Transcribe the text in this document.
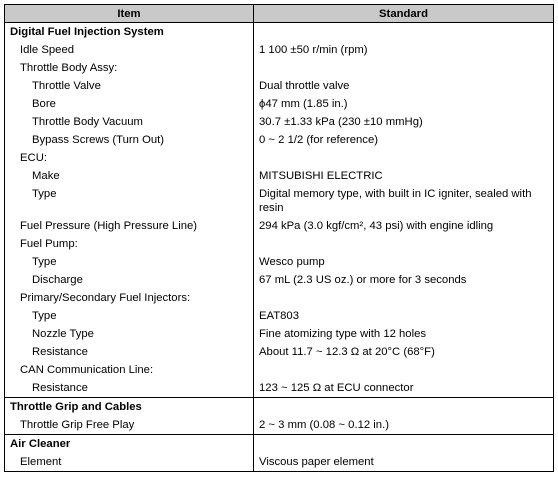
Item	Standard
Digital Fuel Injection System	
Idle Speed	1 100 ±50 r/min (rpm)
Throttle Body Assy:	
Throttle Valve	Dual throttle valve
Bore	ϕ47 mm (1.85 in.)
Throttle Body Vacuum	30.7 ±1.33 kPa (230 ±10 mmHg)
Bypass Screws (Turn Out)	0 ~ 2 1/2 (for reference)
ECU:	
Make	MITSUBISHI ELECTRIC
Type	Digital memory type, with built in IC igniter, sealed with resin
Fuel Pressure (High Pressure Line)	294 kPa (3.0 kgf/cm², 43 psi) with engine idling
Fuel Pump:	
Type	Wesco pump
Discharge	67 mL (2.3 US oz.) or more for 3 seconds
Primary/Secondary Fuel Injectors:	
Type	EAT803
Nozzle Type	Fine atomizing type with 12 holes
Resistance	About 11.7 ~ 12.3 Ω at 20°C (68°F)
CAN Communication Line:	
Resistance	123 ~ 125 Ω at ECU connector
Throttle Grip and Cables	
Throttle Grip Free Play	2 ~ 3 mm (0.08 ~ 0.12 in.)
Air Cleaner	
Element	Viscous paper element
